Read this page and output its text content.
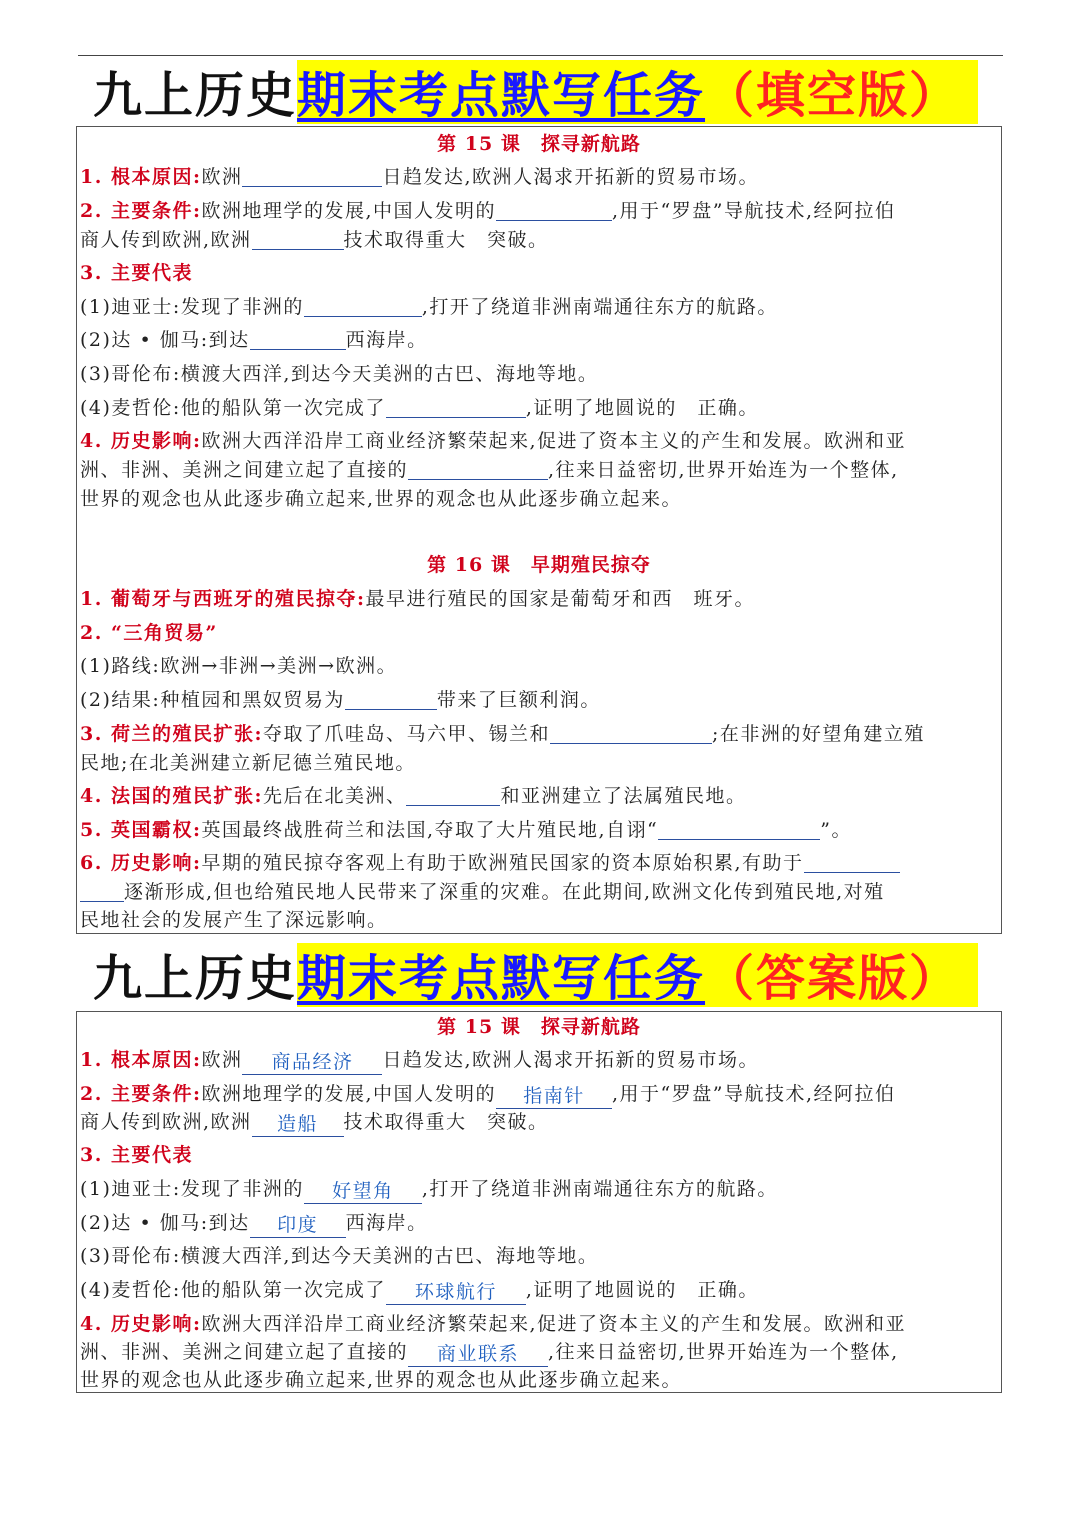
九上历史 期末考点默写任务 （填空版）
第 15 课　探寻新航路
1. 根本原因:欧洲	日趋发达,欧洲人渴求开拓新的贸易市场。
2. 主要条件:欧洲地理学的发展,中国人发明的	,用于“罗盘”导航技术,经阿拉伯
商人传到欧洲,欧洲	技术取得重大　突破。
3. 主要代表
(1)迪亚士:发现了非洲的	,打开了绕道非洲南端通往东方的航路。
(2)达 • 伽马:到达	西海岸。
(3)哥伦布:横渡大西洋,到达今天美洲的古巴、海地等地。
(4)麦哲伦:他的船队第一次完成了	,证明了地圆说的　正确。
4. 历史影响:欧洲大西洋沿岸工商业经济繁荣起来,促进了资本主义的产生和发展。欧洲和亚
洲、非洲、美洲之间建立起了直接的	,往来日益密切,世界开始连为一个整体,
世界的观念也从此逐步确立起来,世界的观念也从此逐步确立起来。
第 16 课　早期殖民掠夺
1. 葡萄牙与西班牙的殖民掠夺:最早进行殖民的国家是葡萄牙和西　班牙。
2. “三角贸易”
(1)路线:欧洲→非洲→美洲→欧洲。
(2)结果:种植园和黑奴贸易为	带来了巨额利润。
3. 荷兰的殖民扩张:夺取了爪哇岛、马六甲、锡兰和	;在非洲的好望角建立殖
民地;在北美洲建立新尼德兰殖民地。
4. 法国的殖民扩张:先后在北美洲、	和亚洲建立了法属殖民地。
5. 英国霸权:英国最终战胜荷兰和法国,夺取了大片殖民地,自诩“	”。
6. 历史影响:早期的殖民掠夺客观上有助于欧洲殖民国家的资本原始积累,有助于
逐渐形成,但也给殖民地人民带来了深重的灾难。在此期间,欧洲文化传到殖民地,对殖
民地社会的发展产生了深远影响。
九上历史 期末考点默写任务 （答案版）
第 15 课　探寻新航路
1. 根本原因:欧洲 商品经济 日趋发达,欧洲人渴求开拓新的贸易市场。
2. 主要条件:欧洲地理学的发展,中国人发明的 指南针 ,用于“罗盘”导航技术,经阿拉伯
商人传到欧洲,欧洲 造船 技术取得重大　突破。
3. 主要代表
(1)迪亚士:发现了非洲的 好望角 ,打开了绕道非洲南端通往东方的航路。
(2)达 • 伽马:到达 印度 西海岸。
(3)哥伦布:横渡大西洋,到达今天美洲的古巴、海地等地。
(4)麦哲伦:他的船队第一次完成了 环球航行 ,证明了地圆说的　正确。
4. 历史影响:欧洲大西洋沿岸工商业经济繁荣起来,促进了资本主义的产生和发展。欧洲和亚
洲、非洲、美洲之间建立起了直接的 商业联系 ,往来日益密切,世界开始连为一个整体,
世界的观念也从此逐步确立起来,世界的观念也从此逐步确立起来。
